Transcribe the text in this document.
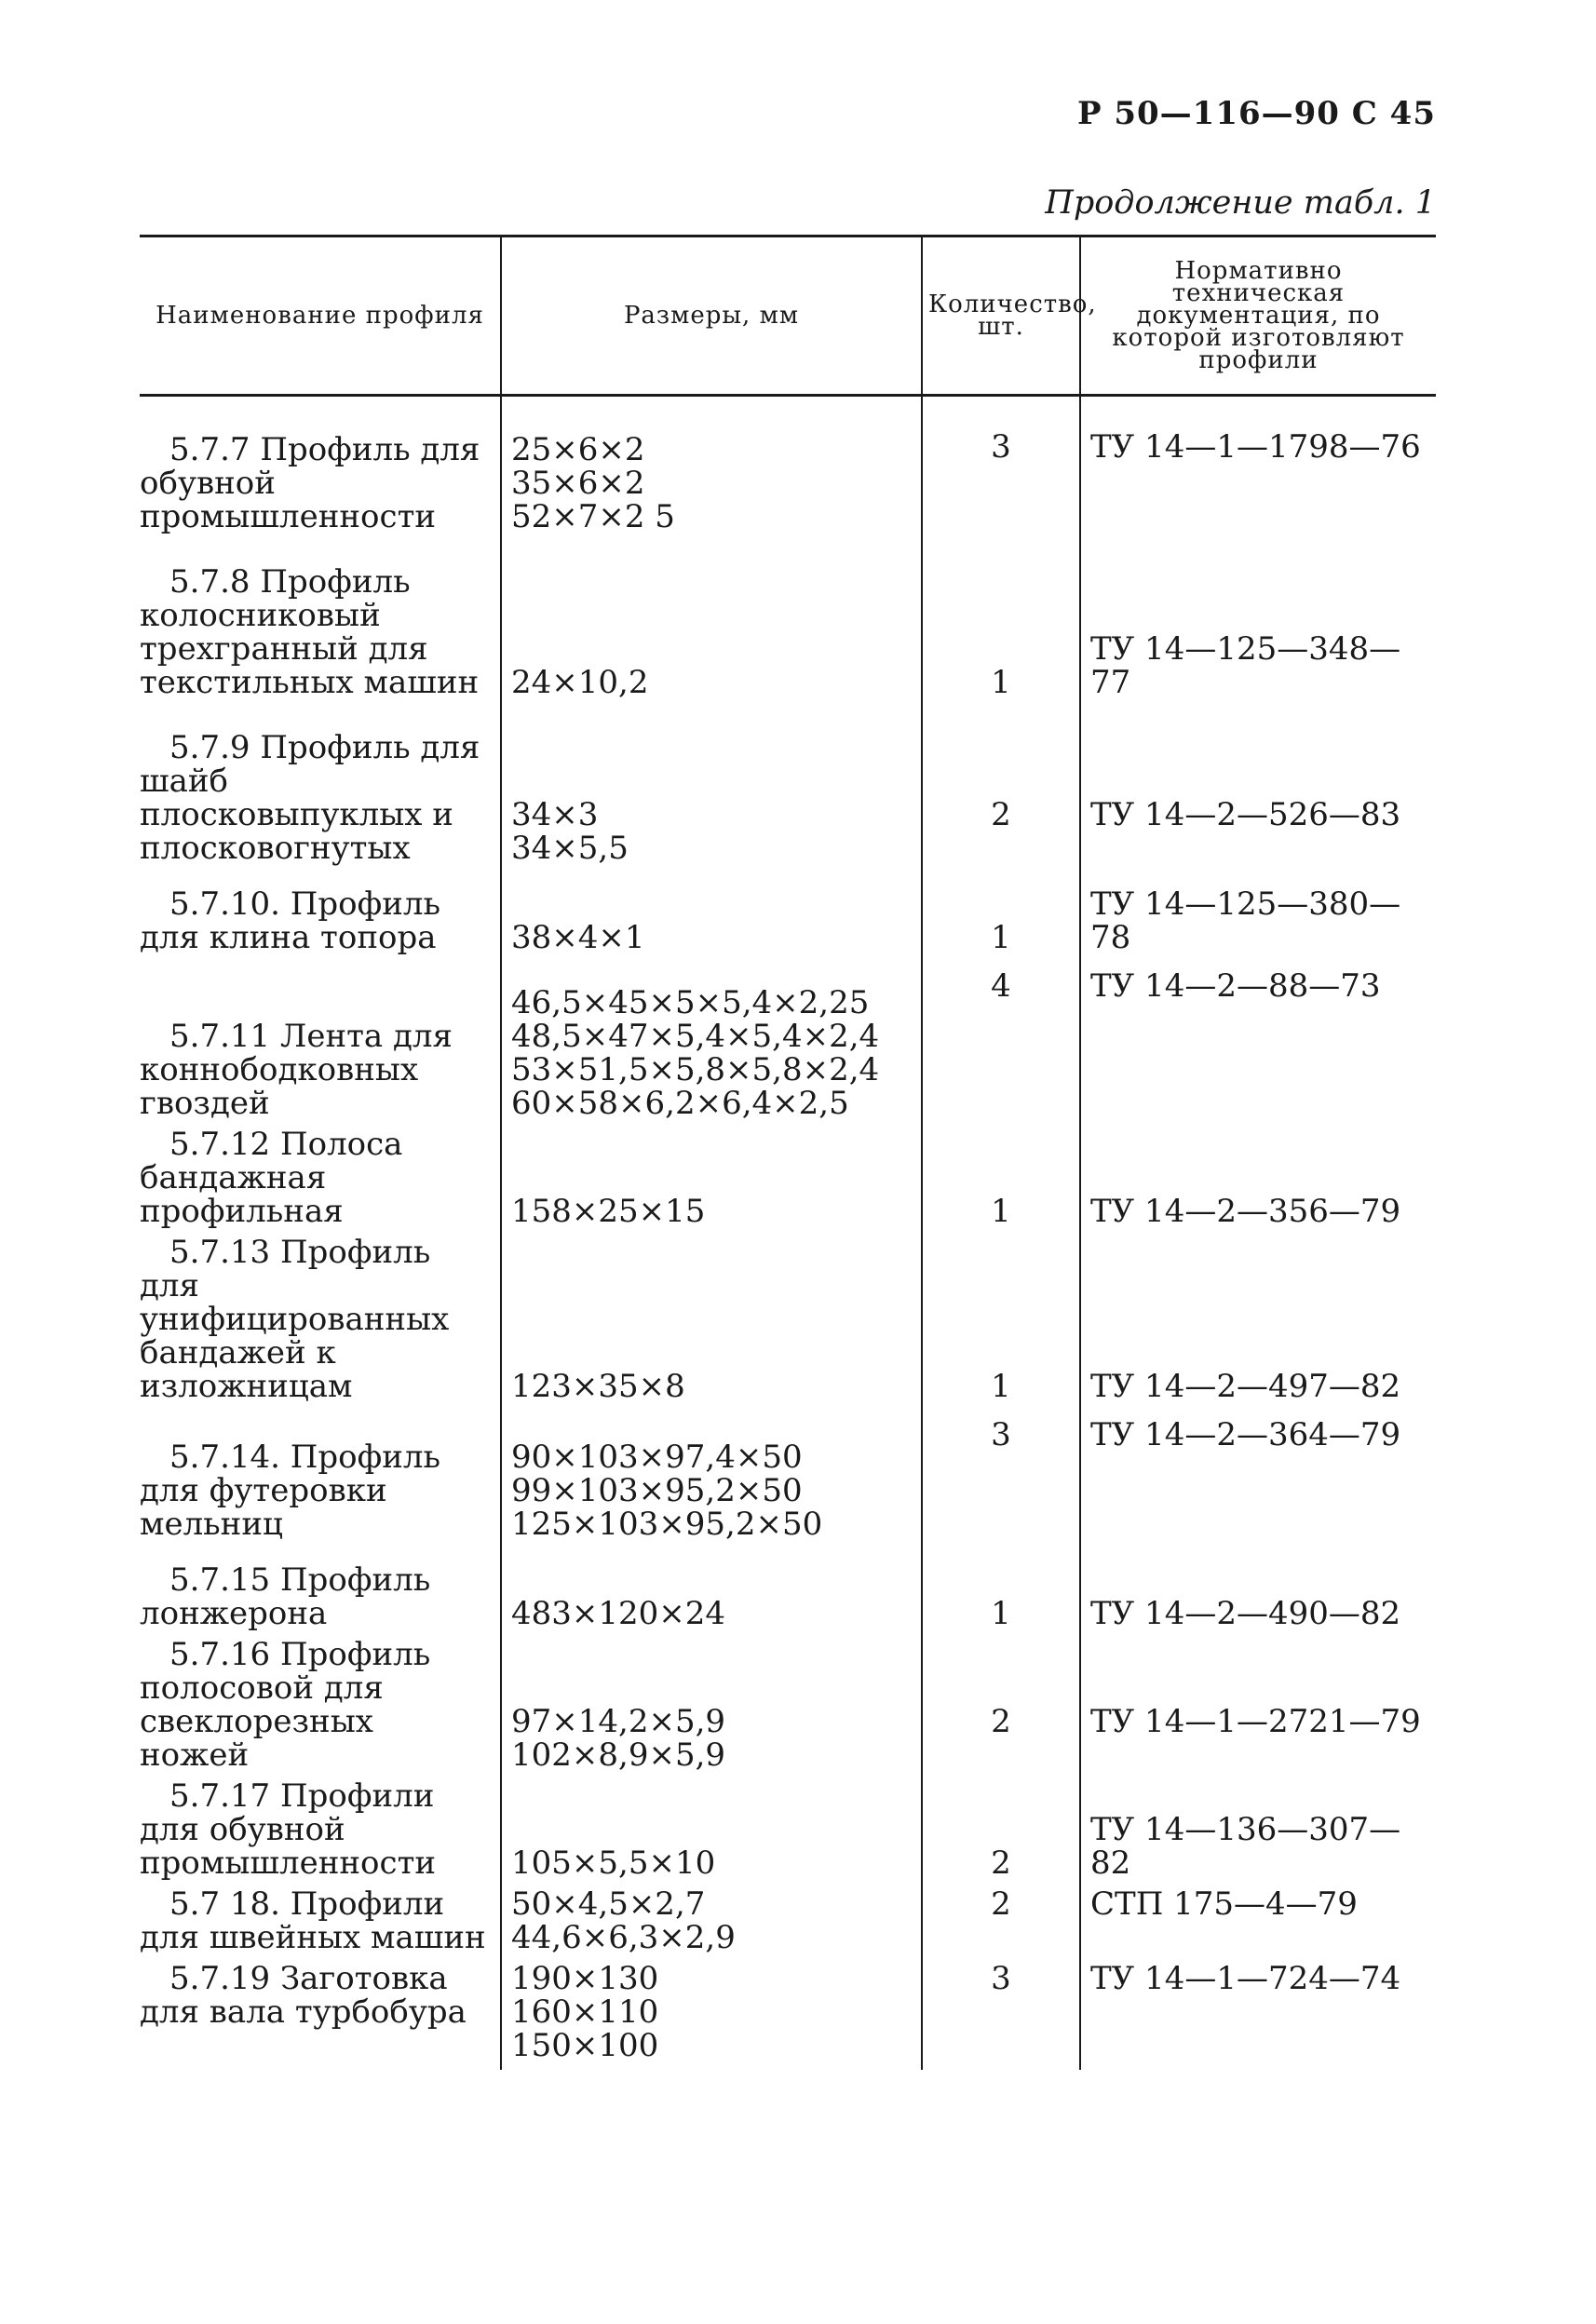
Р 50—116—90 С 45
Продолжение табл. 1
Наименование профиля	Размеры, мм	Количество, шт.	Нормативно техническая документация, по которой изготовляют профили
5.7.7 Профиль для обувной промышленности	25×6×2
35×6×2
52×7×2 5	3	ТУ 14—1—1798—76
5.7.8 Профиль колосниковый трехгранный для текстильных машин	24×10,2	1	ТУ 14—125—348—77
5.7.9 Профиль для шайб плосковыпуклых и плосковогнутых	34×3
34×5,5	2	ТУ 14—2—526—83
5.7.10. Профиль для клина топора	38×4×1	1	ТУ 14—125—380—78
5.7.11 Лента для коннободковных гвоздей	46,5×45×5×5,4×2,25
48,5×47×5,4×5,4×2,4
53×51,5×5,8×5,8×2,4
60×58×6,2×6,4×2,5	4	ТУ 14—2—88—73
5.7.12 Полоса бандажная профильная	158×25×15	1	ТУ 14—2—356—79
5.7.13 Профиль для унифицированных бандажей к изложницам	123×35×8	1	ТУ 14—2—497—82
5.7.14. Профиль для футеровки мельниц	90×103×97,4×50
99×103×95,2×50
125×103×95,2×50	3	ТУ 14—2—364—79
5.7.15 Профиль лонжерона	483×120×24	1	ТУ 14—2—490—82
5.7.16 Профиль полосовой для свеклорезных ножей	97×14,2×5,9
102×8,9×5,9	2	ТУ 14—1—2721—79
5.7.17 Профили для обувной промышленности	105×5,5×10	2	ТУ 14—136—307—82
5.7 18. Профили для швейных машин	50×4,5×2,7
44,6×6,3×2,9	2	СТП 175—4—79
5.7.19 Заготовка для вала турбобура	190×130
160×110
150×100	3	ТУ 14—1—724—74
